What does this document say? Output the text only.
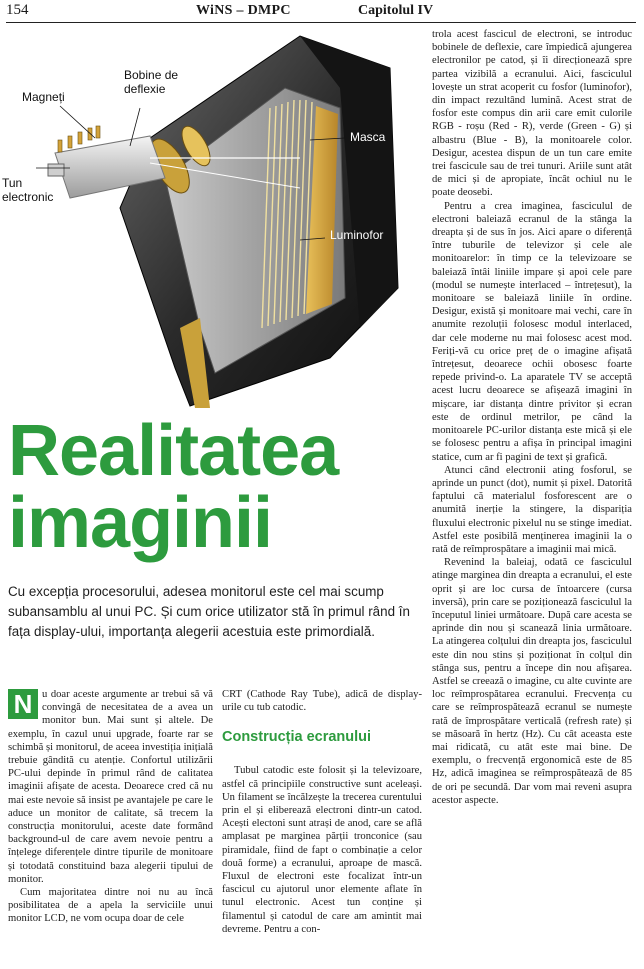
154	WiNS – DMPC	Capitolul IV
Magneți
Bobine de
deflexie
Tun
electronic
Masca
Luminofor
Realitatea
imaginii
Cu excepția procesorului, adesea monitorul este cel mai scump subansamblu al unui PC. Și cum orice utilizator stă în primul rând în fața display-ului, importanța alegerii acestuia este primordială.

N u doar aceste argumente ar trebui să vă convingă de necesitatea de a avea un monitor bun. Mai sunt și altele. De exemplu, în cazul unui upgrade, foarte rar se schimbă și monitorul, de aceea investiția inițială trebuie gândită cu atenție. Confortul utilizării PC-ului depinde în primul rând de calitatea imaginii afișate de acesta. Deoarece cred că nu mai este nevoie să insist pe avantajele pe care le aduce un monitor de calitate, să trecem la construcția monitorului, aceste date formând background-ul de care avem nevoie pentru a înțelege diferențele dintre tipurile de monitoare și totodată constituind baza alegerii tipului de monitor.

Cum majoritatea dintre noi nu au încă posibilitatea de a apela la serviciile unui monitor LCD, ne vom ocupa doar de cele

CRT (Cathode Ray Tube), adică de display-urile cu tub catodic.

Construcția ecranului

Tubul catodic este folosit și la televizoare, astfel că principiile constructive sunt aceleași. Un filament se încălzește la trecerea curentului prin el și eliberează electroni dintr-un catod. Acești electoni sunt atrași de anod, care se află amplasat pe marginea părții tronconice (sau piramidale, fiind de fapt o combinație a celor două forme) a ecranului, aproape de mască. Fluxul de electroni este focalizat într-un fascicul cu ajutorul unor elemente aflate în tunul electronic. Acest tun conține și filamentul și catodul de care am amintit mai devreme. Pentru a con-

trola acest fascicul de electroni, se introduc bobinele de deflexie, care împiedică ajungerea electronilor pe catod, și îi direcționează spre partea vizibilă a ecranului. Aici, fasciculul lovește un strat acoperit cu fosfor (luminofor), din impact rezultând lumină. Acest strat de fosfor este compus din arii care emit culorile RGB - roșu (Red - R), verde (Green - G) și albastru (Blue - B), la monitoarele color. Desigur, acestea dispun de un tun care emite trei fascicule sau de trei tunuri. Ariile sunt atât de mici și de apropiate, încât ochiul nu le poate deosebi.

Pentru a crea imaginea, fasciculul de electroni baleiază ecranul de la stânga la dreapta și de sus în jos. Aici apare o diferență între tuburile de televizor și cele ale monitoarelor: în timp ce la televizoare se baleiază întâi liniile impare și apoi cele pare (modul se numește interlaced – întrețesut), la monitoare se baleiază liniile în ordine. Desigur, există și monitoare mai vechi, care în anumite rezoluții folosesc modul interlaced, dar cele moderne nu mai folosesc acest mod. Feriți-vă cu orice preț de o imagine afișată întrețesut, deoarece ochii obosesc foarte repede privind-o. La aparatele TV se acceptă acest lucru deoarece se afișează imagini în mișcare, iar distanța dintre privitor și ecran este de ordinul metrilor, pe când la monitoarele PC-urilor distanța este mică și ele se folosesc pentru a afișa în principal imagini statice, cum ar fi pagini de text și grafică.

Atunci când electronii ating fosforul, se aprinde un punct (dot), numit și pixel. Datorită faptului că materialul fosforescent are o anumită inerție la stingere, la dispariția fluxului electronic pixelul nu se stinge imediat. Astfel este posibilă menținerea imaginii la o rată de reîmprospătare a imaginii mai mică.

Revenind la baleiaj, odată ce fasciculul atinge marginea din dreapta a ecranului, el este oprit și are loc cursa de întoarcere (cursa inversă), prin care se poziționează fasciculul la începutul liniei următoare. După care acesta se aprinde din nou și scanează linia următoare. La atingerea colțului din dreapta jos, fasciculul este din nou stins și poziționat în colțul din stânga sus, pentru a începe din nou afișarea. Astfel se creează o imagine, cu alte cuvinte are loc reîmprospătarea ecranului. Frecvența cu care se reîmprospătează ecranul se numește rată de împrospătare verticală (refresh rate) și se măsoară în hertz (Hz). Cu cât aceasta este mai ridicată, cu atât este mai bine. De exemplu, o frecvență ergonomică este de 85 Hz, adică imaginea se reîmprospătează de 85 de ori pe secundă. Dar vom mai reveni asupra acestor aspecte.
